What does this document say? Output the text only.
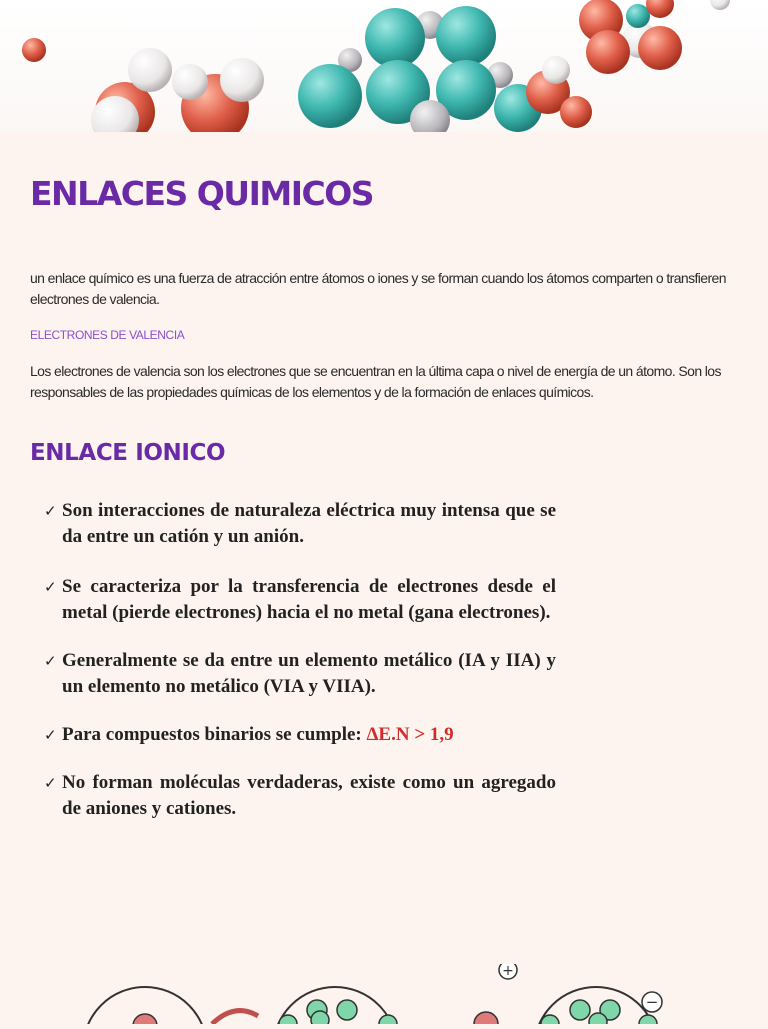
ENLACES QUIMICOS

un enlace químico es una fuerza de atracción entre átomos o iones y se forman cuando los átomos comparten o transfieren electrones de valencia.

ELECTRONES DE VALENCIA

Los electrones de valencia son los electrones que se encuentran en la última capa o nivel de energía de un átomo. Son los responsables de las propiedades químicas de los elementos y de la formación de enlaces químicos.

ENLACE IONICO
✓ Son interacciones de naturaleza eléctrica muy intensa que se da entre un catión y un anión.
✓ Se caracteriza por la transferencia de electrones desde el metal (pierde electrones) hacia el no metal (gana electrones).
✓ Generalmente se da entre un elemento metálico (IA y IIA) y un elemento no metálico (VIA y VIIA).
✓ Para compuestos binarios se cumple: ΔE.N > 1,9
✓ No forman moléculas verdaderas, existe como un agregado de aniones y cationes.
+
−
